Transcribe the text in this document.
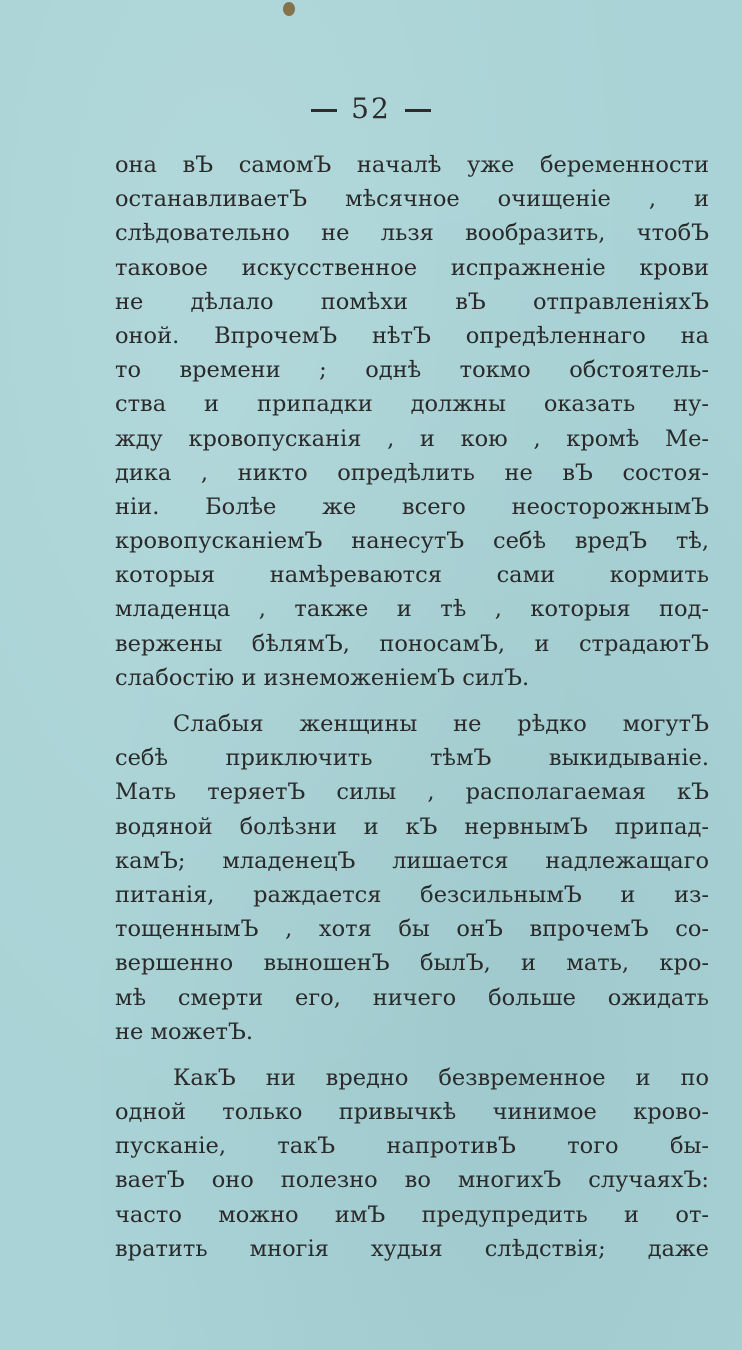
52
она вЪ самомЪ началѣ уже беременности
останавливаетЪ мѣсячное очищеніе , и
слѣдовательно не льзя вообразить, чтобЪ
таковое искусственное испражненіе крови
не дѣлало помѣхи вЪ отправленіяхЪ
оной. ВпрочемЪ нѣтЪ опредѣленнаго на
то времени ; однѣ токмо обстоятель-
ства и припадки должны оказать ну-
жду кровопусканія , и кою , кромѣ Ме-
дика , никто опредѣлить не вЪ состоя-
ніи. Болѣе же всего неосторожнымЪ
кровопусканіемЪ нанесутЪ себѣ вредЪ тѣ,
которыя намѣреваются сами кормить
младенца , также и тѣ , которыя под-
вержены бѣлямЪ, поносамЪ, и страдаютЪ
слабостію и изнеможеніемЪ силЪ.
Слабыя женщины не рѣдко могутЪ
себѣ приключить тѣмЪ выкидываніе.
Мать теряетЪ силы , располагаемая кЪ
водяной болѣзни и кЪ нервнымЪ припад-
камЪ; младенецЪ лишается надлежащаго
питанія, раждается безсильнымЪ и из-
тощеннымЪ , хотя бы онЪ впрочемЪ со-
вершенно выношенЪ былЪ, и мать, кро-
мѣ смерти его, ничего больше ожидать
не можетЪ.
КакЪ ни вредно безвременное и по
одной только привычкѣ чинимое крово-
пусканіе, такЪ напротивЪ того бы-
ваетЪ оно полезно во многихЪ случаяхЪ:
часто можно имЪ предупредить и от-
вратить многія худыя слѣдствія; даже
